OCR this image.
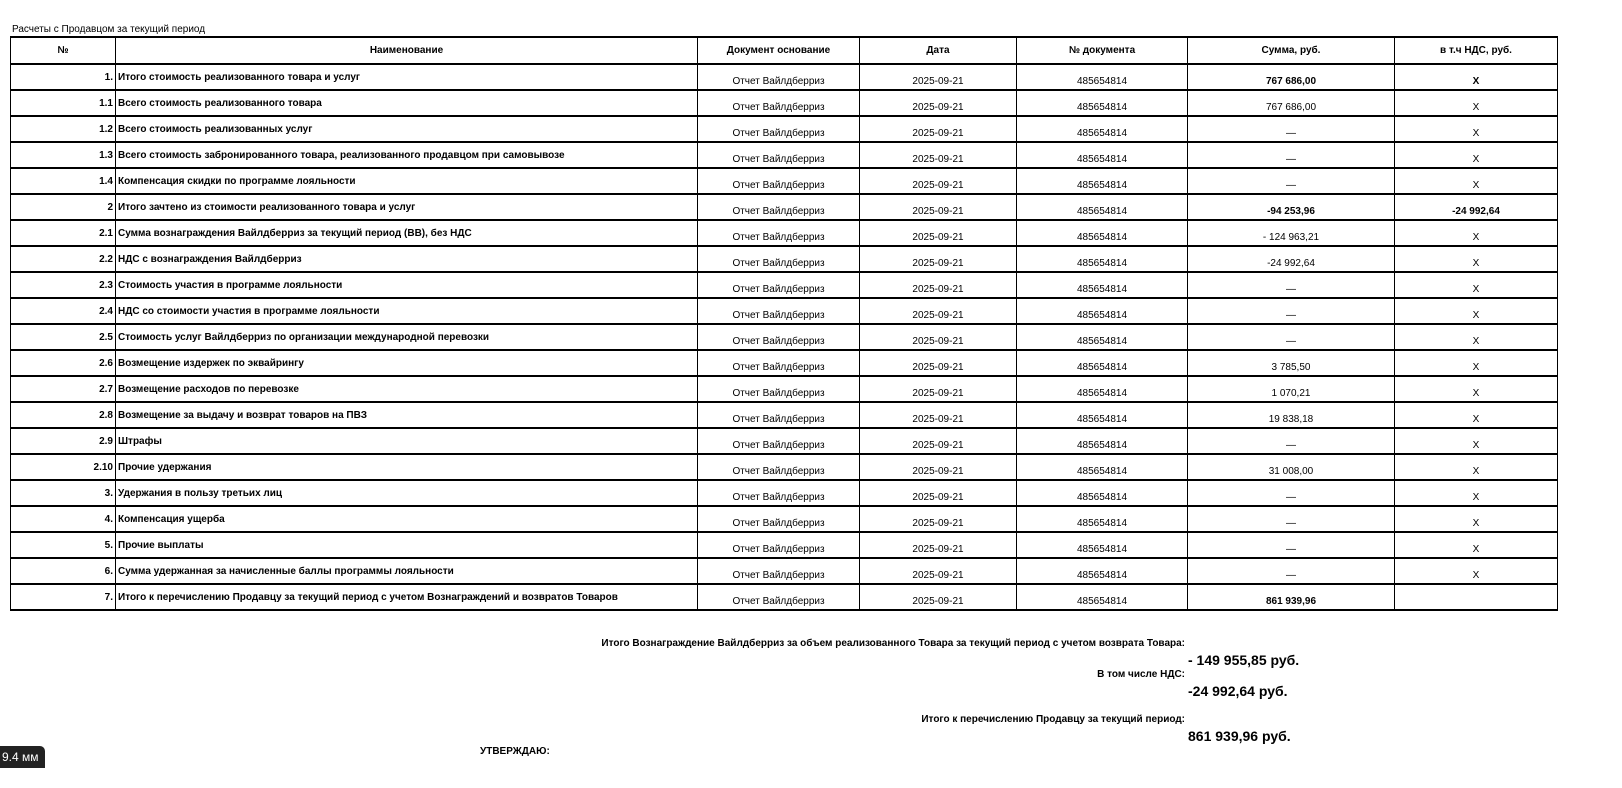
Расчеты с Продавцом за текущий период
№	Наименование	Документ основание	Дата	№ документа	Сумма, руб.	в т.ч НДС, руб.
1.	Итого стоимость реализованного товара и услуг	Отчет Вайлдберриз	2025-09-21	485654814	767 686,00	X
1.1	Всего стоимость реализованного товара	Отчет Вайлдберриз	2025-09-21	485654814	767 686,00	X
1.2	Всего стоимость реализованных услуг	Отчет Вайлдберриз	2025-09-21	485654814	—	X
1.3	Всего стоимость забронированного товара, реализованного продавцом при самовывозе	Отчет Вайлдберриз	2025-09-21	485654814	—	X
1.4	Компенсация скидки по программе лояльности	Отчет Вайлдберриз	2025-09-21	485654814	—	X
2	Итого зачтено из стоимости реализованного товара и услуг	Отчет Вайлдберриз	2025-09-21	485654814	-94 253,96	-24 992,64
2.1	Сумма вознаграждения Вайлдберриз за текущий период (ВВ), без НДС	Отчет Вайлдберриз	2025-09-21	485654814	- 124 963,21	X
2.2	НДС с вознаграждения Вайлдберриз	Отчет Вайлдберриз	2025-09-21	485654814	-24 992,64	X
2.3	Стоимость участия в программе лояльности	Отчет Вайлдберриз	2025-09-21	485654814	—	X
2.4	НДС со стоимости участия в программе лояльности	Отчет Вайлдберриз	2025-09-21	485654814	—	X
2.5	Стоимость услуг Вайлдберриз по организации международной перевозки	Отчет Вайлдберриз	2025-09-21	485654814	—	X
2.6	Возмещение издержек по эквайрингу	Отчет Вайлдберриз	2025-09-21	485654814	3 785,50	X
2.7	Возмещение расходов по перевозке	Отчет Вайлдберриз	2025-09-21	485654814	1 070,21	X
2.8	Возмещение за выдачу и возврат товаров на ПВЗ	Отчет Вайлдберриз	2025-09-21	485654814	19 838,18	X
2.9	Штрафы	Отчет Вайлдберриз	2025-09-21	485654814	—	X
2.10	Прочие удержания	Отчет Вайлдберриз	2025-09-21	485654814	31 008,00	X
3.	Удержания в пользу третьих лиц	Отчет Вайлдберриз	2025-09-21	485654814	—	X
4.	Компенсация ущерба	Отчет Вайлдберриз	2025-09-21	485654814	—	X
5.	Прочие выплаты	Отчет Вайлдберриз	2025-09-21	485654814	—	X
6.	Сумма удержанная за начисленные баллы программы лояльности	Отчет Вайлдберриз	2025-09-21	485654814	—	X
7.	Итого к перечислению Продавцу за текущий период с учетом Вознаграждений и возвратов Товаров	Отчет Вайлдберриз	2025-09-21	485654814	861 939,96	
Итого Вознаграждение Вайлдберриз за объем реализованного Товара за текущий период с учетом возврата Товара:
- 149 955,85 руб.
В том числе НДС:
-24 992,64 руб.
Итого к перечислению Продавцу за текущий период:
861 939,96 руб.
УТВЕРЖДАЮ:
9.4 мм
